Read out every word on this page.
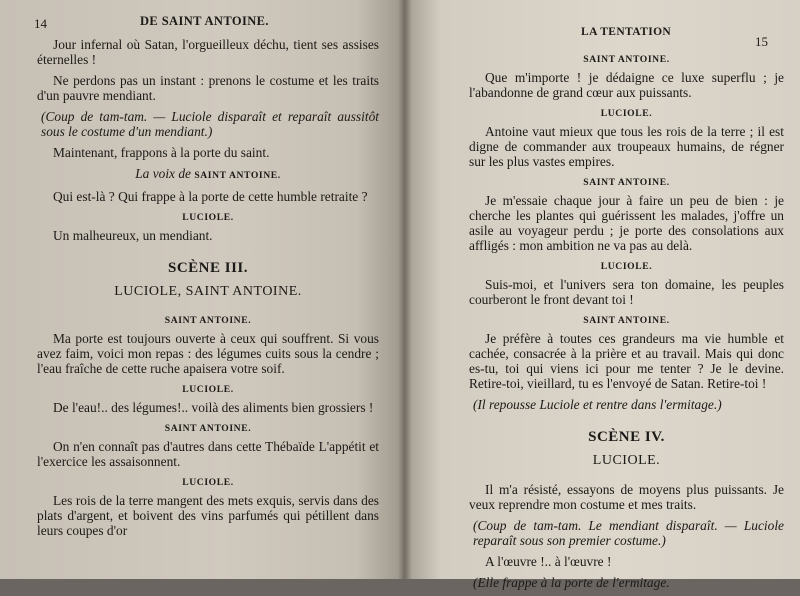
14	DE SAINT ANTOINE.

Jour infernal où Satan, l'orgueilleux déchu, tient ses assises éternelles !

Ne perdons pas un instant : prenons le costume et les traits d'un pauvre mendiant.

(Coup de tam-tam. — Luciole disparaît et reparaît aussitôt sous le costume d'un mendiant.)

Maintenant, frappons à la porte du saint.

La voix de SAINT ANTOINE.

Qui est-là ? Qui frappe à la porte de cette humble retraite ?

LUCIOLE.

Un malheureux, un mendiant.

SCÈNE III.

LUCIOLE, SAINT ANTOINE.

SAINT ANTOINE.

Ma porte est toujours ouverte à ceux qui souffrent. Si vous avez faim, voici mon repas : des légumes cuits sous la cendre ; l'eau fraîche de cette ruche apaisera votre soif.

LUCIOLE.

De l'eau!.. des légumes!.. voilà des aliments bien grossiers !

SAINT ANTOINE.

On n'en connaît pas d'autres dans cette Thébaïde L'appétit et l'exercice les assaisonnent.

LUCIOLE.

Les rois de la terre mangent des mets exquis, servis dans des plats d'argent, et boivent des vins parfumés qui pétillent dans leurs coupes d'or

LA TENTATION
15

SAINT ANTOINE.

Que m'importe ! je dédaigne ce luxe superflu ; je l'abandonne de grand cœur aux puissants.

LUCIOLE.

Antoine vaut mieux que tous les rois de la terre ; il est digne de commander aux troupeaux humains, de régner sur les plus vastes empires.

SAINT ANTOINE.

Je m'essaie chaque jour à faire un peu de bien : je cherche les plantes qui guérissent les malades, j'offre un asile au voyageur perdu ; je porte des consolations aux affligés : mon ambition ne va pas au delà.

LUCIOLE.

Suis-moi, et l'univers sera ton domaine, les peuples courberont le front devant toi !

SAINT ANTOINE.

Je préfère à toutes ces grandeurs ma vie humble et cachée, consacrée à la prière et au travail. Mais qui donc es-tu, toi qui viens ici pour me tenter ? Je le devine. Retire-toi, vieillard, tu es l'envoyé de Satan. Retire-toi !

(Il repousse Luciole et rentre dans l'ermitage.)

SCÈNE IV.

LUCIOLE.

Il m'a résisté, essayons de moyens plus puissants. Je veux reprendre mon costume et mes traits.

(Coup de tam-tam. Le mendiant disparaît. — Luciole reparaît sous son premier costume.)

A l'œuvre !.. à l'œuvre !

(Elle frappe à la porte de l'ermitage.
